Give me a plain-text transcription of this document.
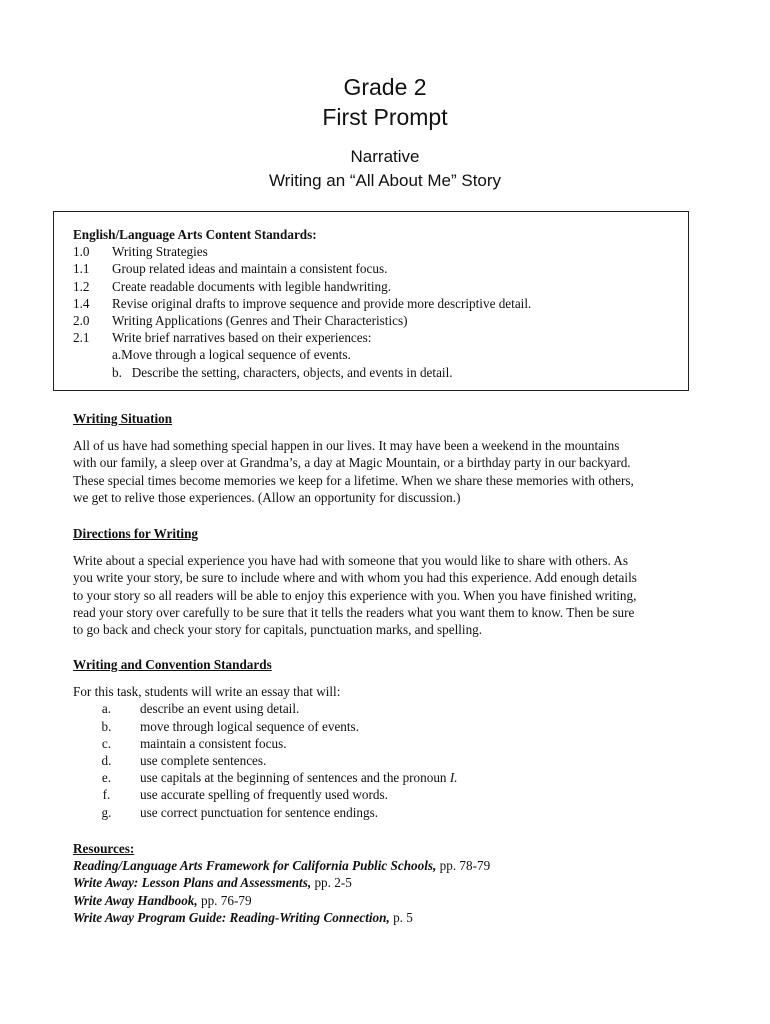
Grade 2
First Prompt
Narrative
Writing an “All About Me” Story
English/Language Arts Content Standards:
1.0	Writing Strategies
1.1	Group related ideas and maintain a consistent focus.
1.2	Create readable documents with legible handwriting.
1.4	Revise original drafts to improve sequence and provide more descriptive detail.
2.0	Writing Applications (Genres and Their Characteristics)
2.1	Write brief narratives based on their experiences:
a.Move through a logical sequence of events.
b.   Describe the setting, characters, objects, and events in detail.
Writing Situation
All of us have had something special happen in our lives. It may have been a weekend in the mountains
with our family, a sleep over at Grandma’s, a day at Magic Mountain, or a birthday party in our backyard.
These special times become memories we keep for a lifetime. When we share these memories with others,
we get to relive those experiences. (Allow an opportunity for discussion.)
Directions for Writing
Write about a special experience you have had with someone that you would like to share with others. As
you write your story, be sure to include where and with whom you had this experience. Add enough details
to your story so all readers will be able to enjoy this experience with you. When you have finished writing,
read your story over carefully to be sure that it tells the readers what you want them to know. Then be sure
to go back and check your story for capitals, punctuation marks, and spelling.
Writing and Convention Standards
For this task, students will write an essay that will:
a.	describe an event using detail.
b.	move through logical sequence of events.
c.	maintain a consistent focus.
d.	use complete sentences.
e.	use capitals at the beginning of sentences and the pronoun
I.
f.	use accurate spelling of frequently used words.
g.	use correct punctuation for sentence endings.
Resources:
Reading/Language Arts Framework for California Public Schools, pp. 78-79
Write Away: Lesson Plans and Assessments, pp. 2-5
Write Away Handbook, pp. 76-79
Write Away Program Guide: Reading-Writing Connection, p. 5
